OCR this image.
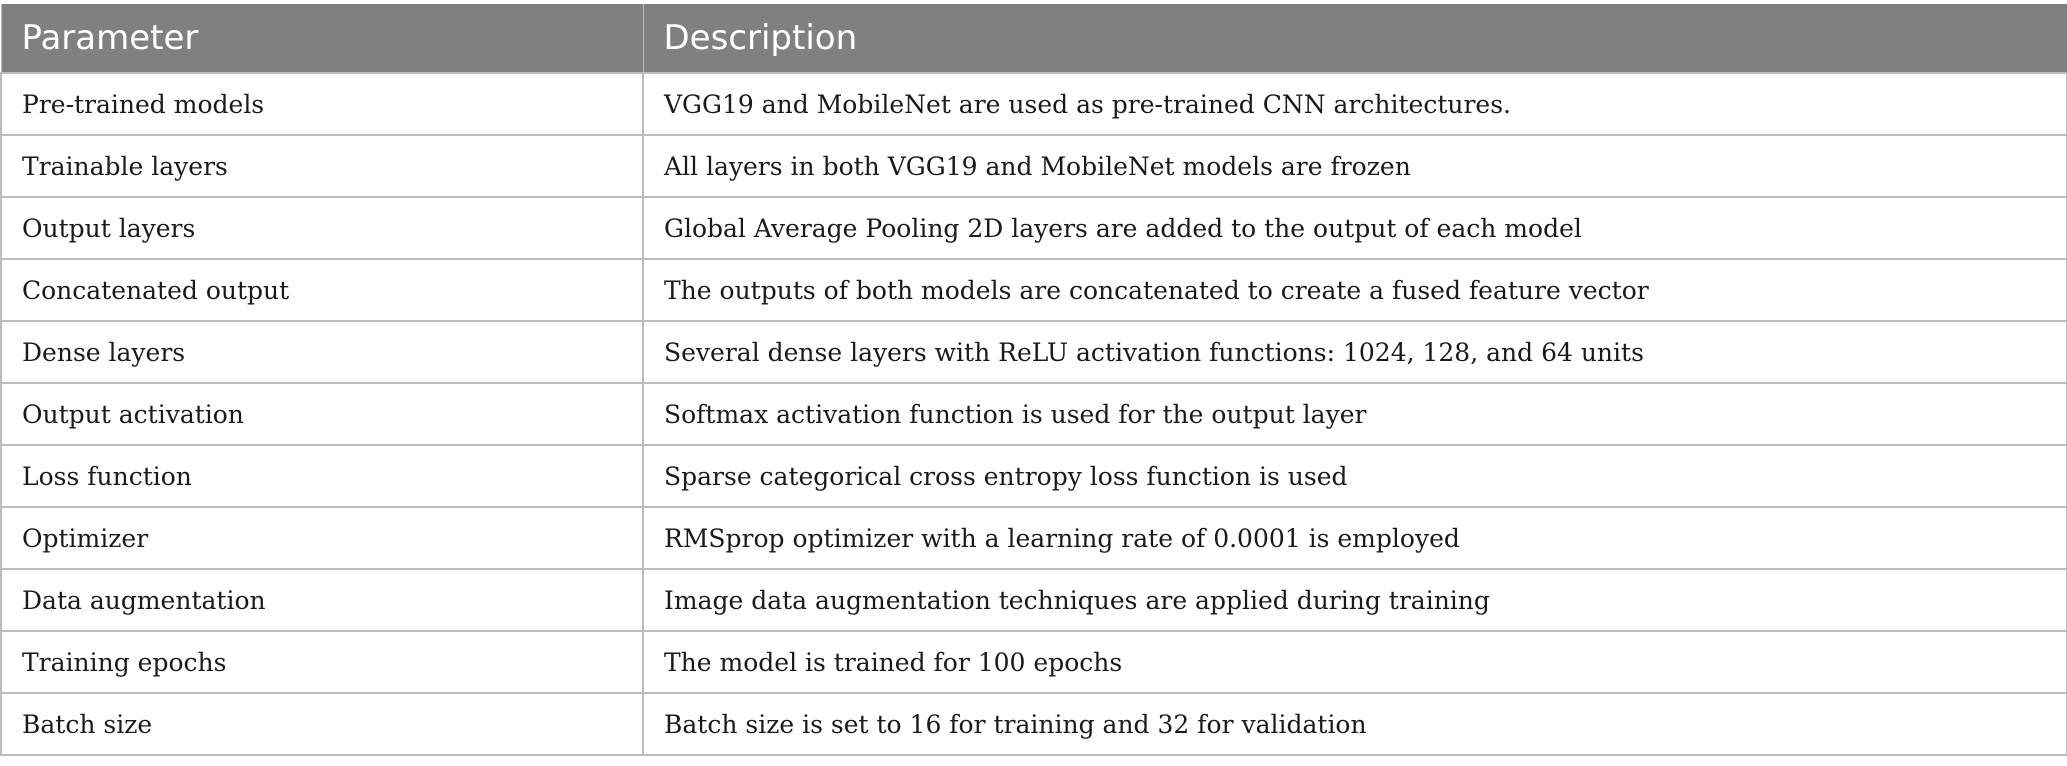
Parameter	Description
Pre-trained models	VGG19 and MobileNet are used as pre-trained CNN architectures.
Trainable layers	All layers in both VGG19 and MobileNet models are frozen
Output layers	Global Average Pooling 2D layers are added to the output of each model
Concatenated output	The outputs of both models are concatenated to create a fused feature vector
Dense layers	Several dense layers with ReLU activation functions: 1024, 128, and 64 units
Output activation	Softmax activation function is used for the output layer
Loss function	Sparse categorical cross entropy loss function is used
Optimizer	RMSprop optimizer with a learning rate of 0.0001 is employed
Data augmentation	Image data augmentation techniques are applied during training
Training epochs	The model is trained for 100 epochs
Batch size	Batch size is set to 16 for training and 32 for validation
